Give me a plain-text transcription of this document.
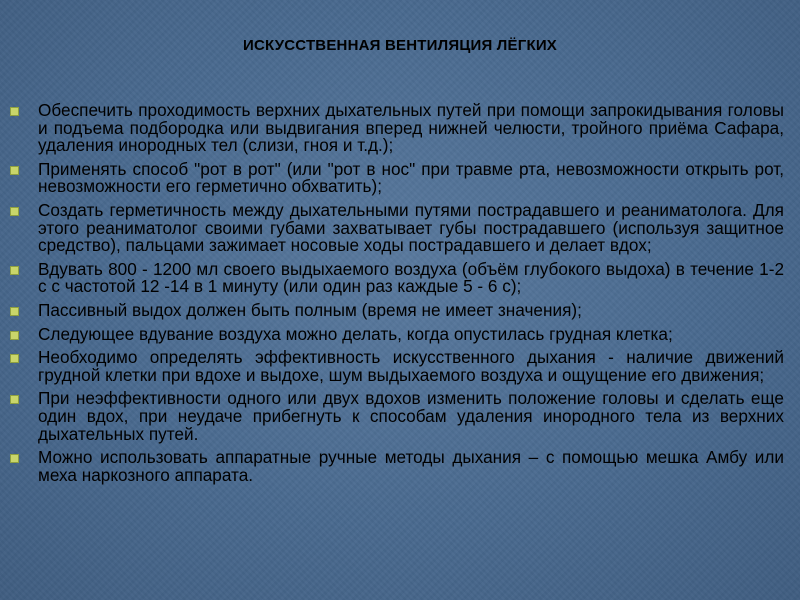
ИСКУССТВЕННАЯ ВЕНТИЛЯЦИЯ ЛЁГКИХ
Обеспечить проходимость верхних дыхательных путей при помощи запрокидывания головы и подъема подбородка или выдвигания вперед нижней челюсти, тройного приёма Сафара, удаления инородных тел (слизи, гноя и т.д.);
Применять способ "рот в рот" (или "рот в нос" при травме рта, невозможности открыть рот, невозможности его герметично обхватить);
Создать герметичность между дыхательными путями пострадавшего и реаниматолога. Для этого реаниматолог своими губами захватывает губы пострадавшего (используя защитное средство), пальцами зажимает носовые ходы пострадавшего и делает вдох;
Вдувать 800 - 1200 мл своего выдыхаемого воздуха (объём глубокого выдоха) в течение 1-2 с с частотой 12 -14 в 1 минуту (или один раз каждые 5 - 6 с);
Пассивный выдох должен быть полным (время не имеет значения);
Следующее вдувание воздуха можно делать, когда опустилась грудная клетка;
Необходимо определять эффективность искусственного дыхания - наличие движений грудной клетки при вдохе и выдохе, шум выдыхаемого воздуха и ощущение его движения;
При неэффективности одного или двух вдохов изменить положение головы и сделать еще один вдох, при неудаче прибегнуть к способам удаления инородного тела из верхних дыхательных путей.
Можно использовать аппаратные ручные методы дыхания – с помощью мешка Амбу или меха наркозного аппарата.
